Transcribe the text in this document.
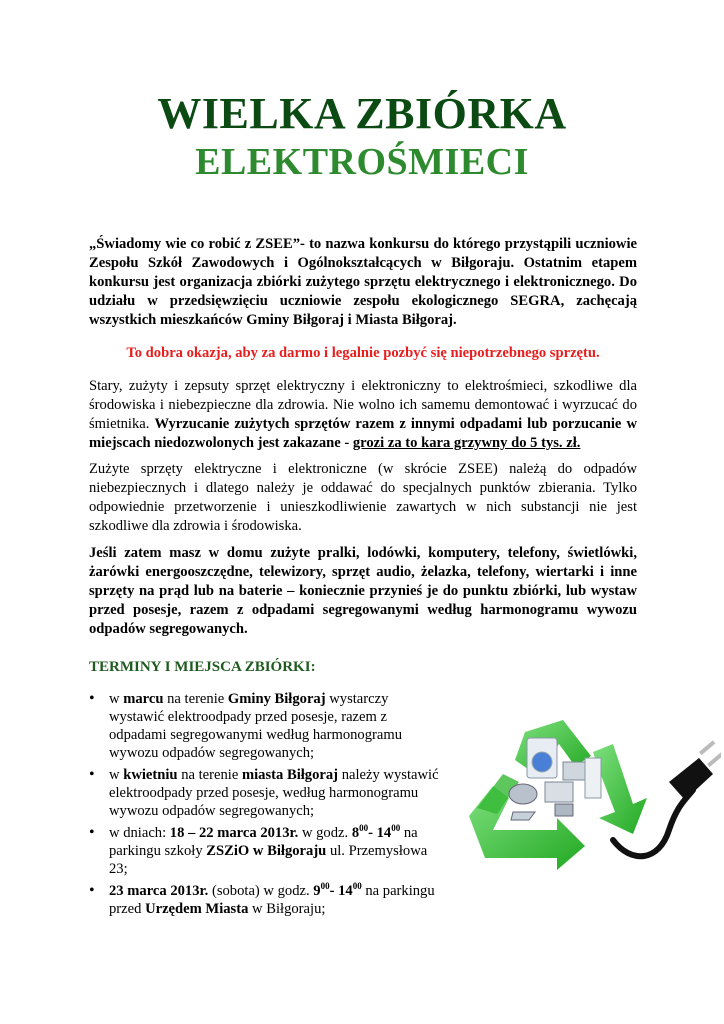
WIELKA ZBIÓRKA
ELEKTROŚMIECI
„Świadomy wie co robić z ZSEE”- to nazwa konkursu do którego przystąpili uczniowie Zespołu Szkół Zawodowych i Ogólnokształcących w Biłgoraju. Ostatnim etapem konkursu jest organizacja zbiórki zużytego sprzętu elektrycznego i elektronicznego. Do udziału w przedsięwzięciu uczniowie zespołu ekologicznego SEGRA, zachęcają wszystkich mieszkańców Gminy Biłgoraj i Miasta Biłgoraj.
To dobra okazja, aby za darmo i legalnie pozbyć się niepotrzebnego sprzętu.
Stary, zużyty i zepsuty sprzęt elektryczny i elektroniczny to elektrośmieci, szkodliwe dla środowiska i niebezpieczne dla zdrowia. Nie wolno ich samemu demontować i wyrzucać do śmietnika. Wyrzucanie zużytych sprzętów razem z innymi odpadami lub porzucanie w miejscach niedozwolonych jest zakazane - grozi za to kara grzywny do 5 tys. zł.
Zużyte sprzęty elektryczne i elektroniczne (w skrócie ZSEE) należą do odpadów niebezpiecznych i dlatego należy je oddawać do specjalnych punktów zbierania. Tylko odpowiednie przetworzenie i unieszkodliwienie zawartych w nich substancji nie jest szkodliwe dla zdrowia i środowiska.
Jeśli zatem masz w domu zużyte pralki, lodówki, komputery, telefony, świetlówki, żarówki energooszczędne, telewizory, sprzęt audio, żelazka, telefony, wiertarki i inne sprzęty na prąd lub na baterie – koniecznie przynieś je do punktu zbiórki, lub wystaw przed posesje, razem z odpadami segregowanymi według harmonogramu wywozu odpadów segregowanych.
TERMINY I MIEJSCA ZBIÓRKI:
• w marcu na terenie Gminy Biłgoraj wystarczy wystawić elektroodpady przed posesje, razem z odpadami segregowanymi według harmonogramu wywozu odpadów segregowanych;
• w kwietniu na terenie miasta Biłgoraj należy wystawić elektroodpady przed posesje, według harmonogramu wywozu odpadów segregowanych;
• w dniach: 18 – 22 marca 2013r. w godz. $8^{00}-$ $14^{00}$ na parkingu szkoły ZSZiO w Biłgoraju ul. Przemysłowa 23;
• 23 marca 2013r. (sobota) w godz. $9^{00}-$ $14^{00}$ na parkingu przed Urzędem Miasta w Biłgoraju;
